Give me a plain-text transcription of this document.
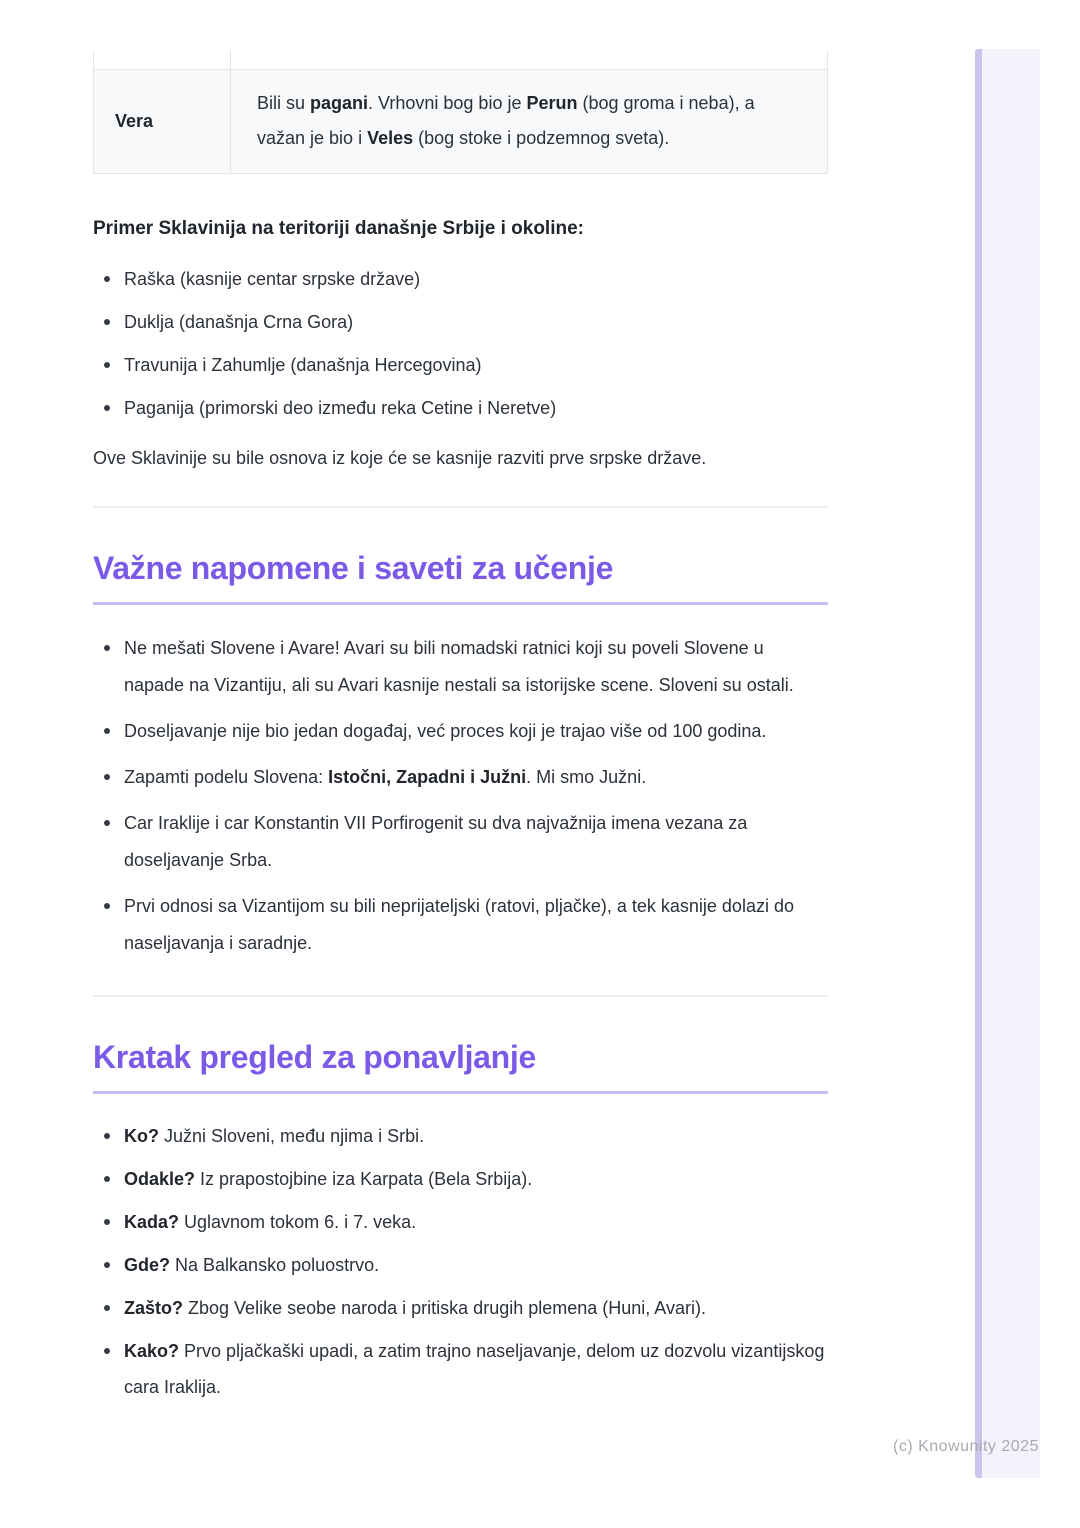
Vera
Bili su pagani. Vrhovni bog bio je Perun (bog groma i neba), a važan je bio i Veles (bog stoke i podzemnog sveta).
Primer Sklavinija na teritoriji današnje Srbije i okoline:
Raška (kasnije centar srpske države)
Duklja (današnja Crna Gora)
Travunija i Zahumlje (današnja Hercegovina)
Paganija (primorski deo između reka Cetine i Neretve)

Ove Sklavinije su bile osnova iz koje će se kasnije razviti prve srpske države.

Važne napomene i saveti za učenje
Ne mešati Slovene i Avare! Avari su bili nomadski ratnici koji su poveli Slovene u napade na Vizantiju, ali su Avari kasnije nestali sa istorijske scene. Sloveni su ostali.
Doseljavanje nije bio jedan događaj, već proces koji je trajao više od 100 godina.
Zapamti podelu Slovena: Istočni, Zapadni i Južni. Mi smo Južni.
Car Iraklije i car Konstantin VII Porfirogenit su dva najvažnija imena vezana za doseljavanje Srba.
Prvi odnosi sa Vizantijom su bili neprijateljski (ratovi, pljačke), a tek kasnije dolazi do naseljavanja i saradnje.
Kratak pregled za ponavljanje
Ko? Južni Sloveni, među njima i Srbi.
Odakle? Iz prapostojbine iza Karpata (Bela Srbija).
Kada? Uglavnom tokom 6. i 7. veka.
Gde? Na Balkansko poluostrvo.
Zašto? Zbog Velike seobe naroda i pritiska drugih plemena (Huni, Avari).
Kako? Prvo pljačkaški upadi, a zatim trajno naseljavanje, delom uz dozvolu vizantijskog cara Iraklija.
(c) Knowunity 2025
